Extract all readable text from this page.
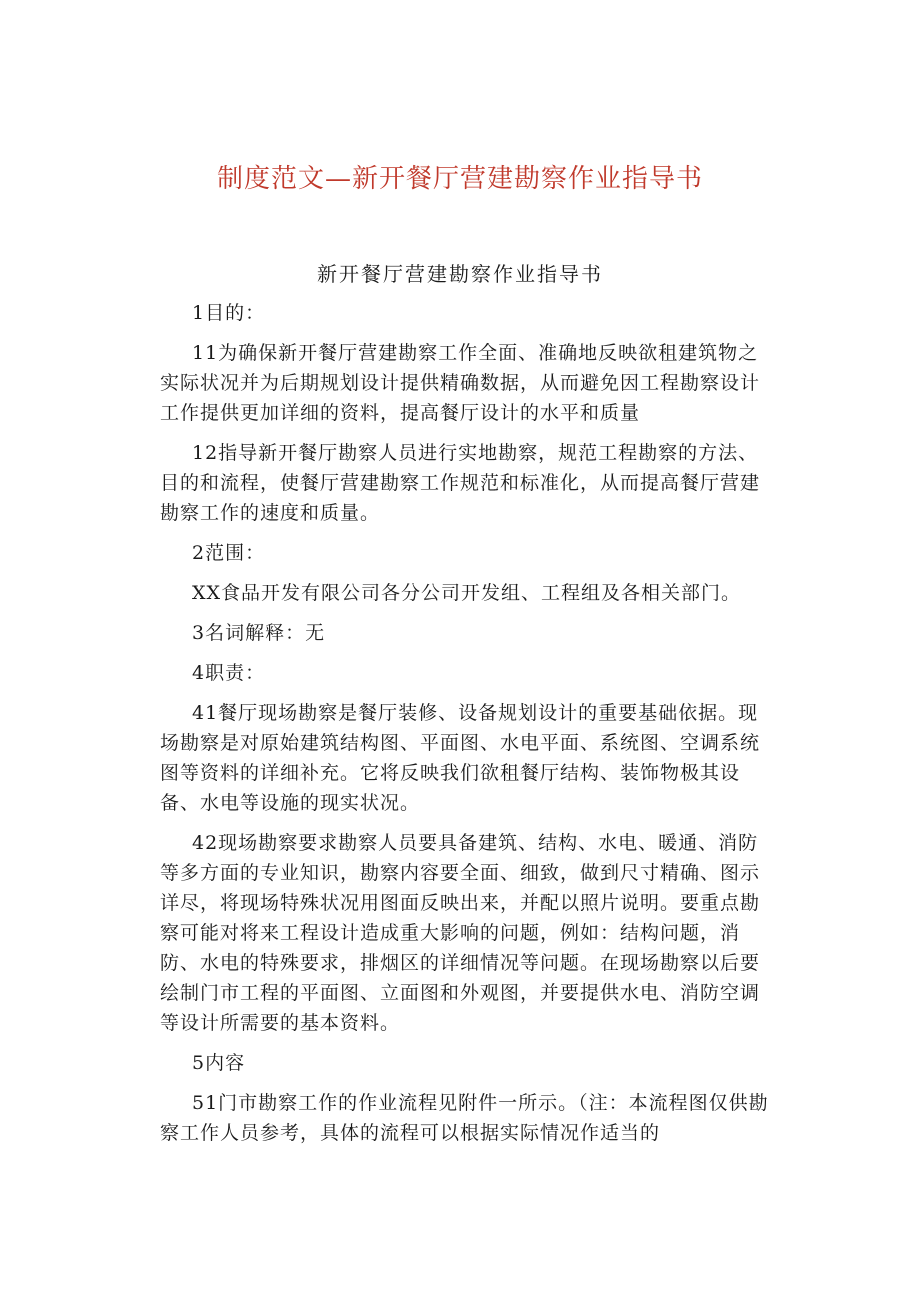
制度范文—新开餐厅营建勘察作业指导书
新开餐厅营建勘察作业指导书

1目的：

11为确保新开餐厅营建勘察工作全面、准确地反映欲租建筑物之实际状况并为后期规划设计提供精确数据，从而避免因工程勘察设计工作提供更加详细的资料，提高餐厅设计的水平和质量

12指导新开餐厅勘察人员进行实地勘察，规范工程勘察的方法、目的和流程，使餐厅营建勘察工作规范和标准化，从而提高餐厅营建勘察工作的速度和质量。

2范围：

XX食品开发有限公司各分公司开发组、工程组及各相关部门。

3名词解释：无

4职责：

41餐厅现场勘察是餐厅装修、设备规划设计的重要基础依据。现场勘察是对原始建筑结构图、平面图、水电平面、系统图、空调系统图等资料的详细补充。它将反映我们欲租餐厅结构、装饰物极其设备、水电等设施的现实状况。

42现场勘察要求勘察人员要具备建筑、结构、水电、暖通、消防等多方面的专业知识，勘察内容要全面、细致，做到尺寸精确、图示详尽，将现场特殊状况用图面反映出来，并配以照片说明。要重点勘察可能对将来工程设计造成重大影响的问题，例如：结构问题，消防、水电的特殊要求，排烟区的详细情况等问题。在现场勘察以后要绘制门市工程的平面图、立面图和外观图，并要提供水电、消防空调等设计所需要的基本资料。

5内容

51门市勘察工作的作业流程见附件一所示。（注：本流程图仅供勘察工作人员参考，具体的流程可以根据实际情况作适当的
